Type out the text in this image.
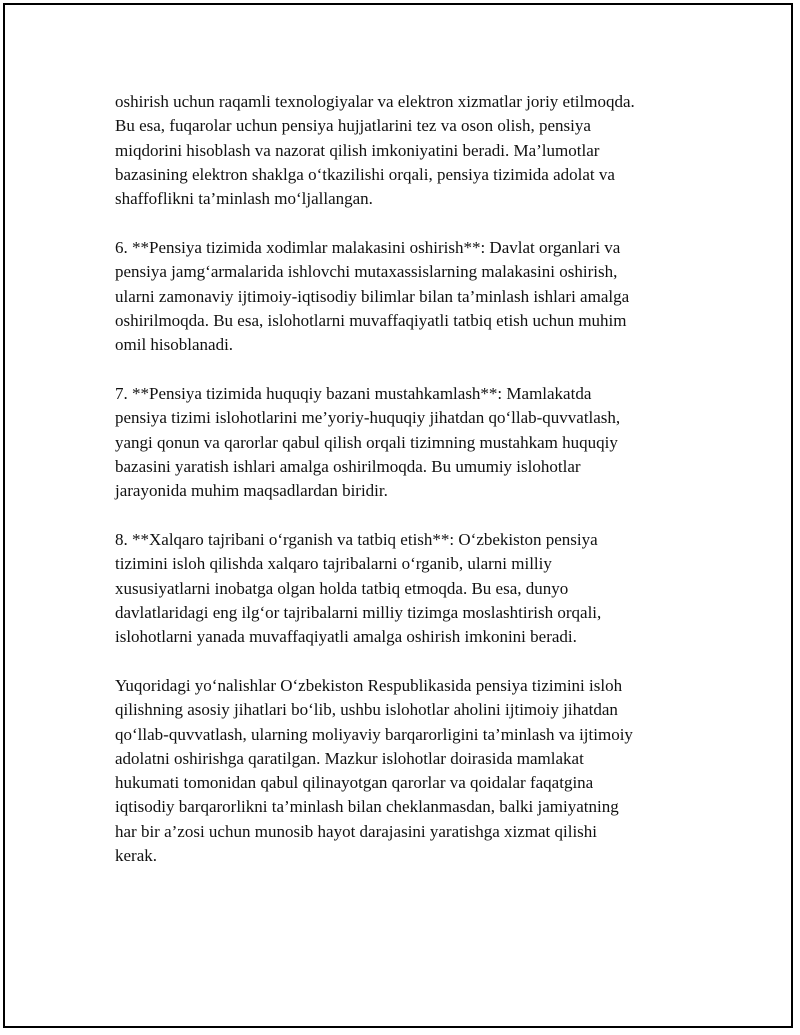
oshirish uchun raqamli texnologiyalar va elektron xizmatlar joriy etilmoqda.
Bu esa, fuqarolar uchun pensiya hujjatlarini tez va oson olish, pensiya
miqdorini hisoblash va nazorat qilish imkoniyatini beradi. Ma’lumotlar
bazasining elektron shaklga o‘tkazilishi orqali, pensiya tizimida adolat va
shaffoflikni ta’minlash mo‘ljallangan.

6. **Pensiya tizimida xodimlar malakasini oshirish**: Davlat organlari va
pensiya jamg‘armalarida ishlovchi mutaxassislarning malakasini oshirish,
ularni zamonaviy ijtimoiy-iqtisodiy bilimlar bilan ta’minlash ishlari amalga
oshirilmoqda. Bu esa, islohotlarni muvaffaqiyatli tatbiq etish uchun muhim
omil hisoblanadi.

7. **Pensiya tizimida huquqiy bazani mustahkamlash**: Mamlakatda
pensiya tizimi islohotlarini me’yoriy-huquqiy jihatdan qo‘llab-quvvatlash,
yangi qonun va qarorlar qabul qilish orqali tizimning mustahkam huquqiy
bazasini yaratish ishlari amalga oshirilmoqda. Bu umumiy islohotlar
jarayonida muhim maqsadlardan biridir.

8. **Xalqaro tajribani o‘rganish va tatbiq etish**: O‘zbekiston pensiya
tizimini isloh qilishda xalqaro tajribalarni o‘rganib, ularni milliy
xususiyatlarni inobatga olgan holda tatbiq etmoqda. Bu esa, dunyo
davlatlaridagi eng ilg‘or tajribalarni milliy tizimga moslashtirish orqali,
islohotlarni yanada muvaffaqiyatli amalga oshirish imkonini beradi.

Yuqoridagi yo‘nalishlar O‘zbekiston Respublikasida pensiya tizimini isloh
qilishning asosiy jihatlari bo‘lib, ushbu islohotlar aholini ijtimoiy jihatdan
qo‘llab-quvvatlash, ularning moliyaviy barqarorligini ta’minlash va ijtimoiy
adolatni oshirishga qaratilgan. Mazkur islohotlar doirasida mamlakat
hukumati tomonidan qabul qilinayotgan qarorlar va qoidalar faqatgina
iqtisodiy barqarorlikni ta’minlash bilan cheklanmasdan, balki jamiyatning
har bir a’zosi uchun munosib hayot darajasini yaratishga xizmat qilishi
kerak.
